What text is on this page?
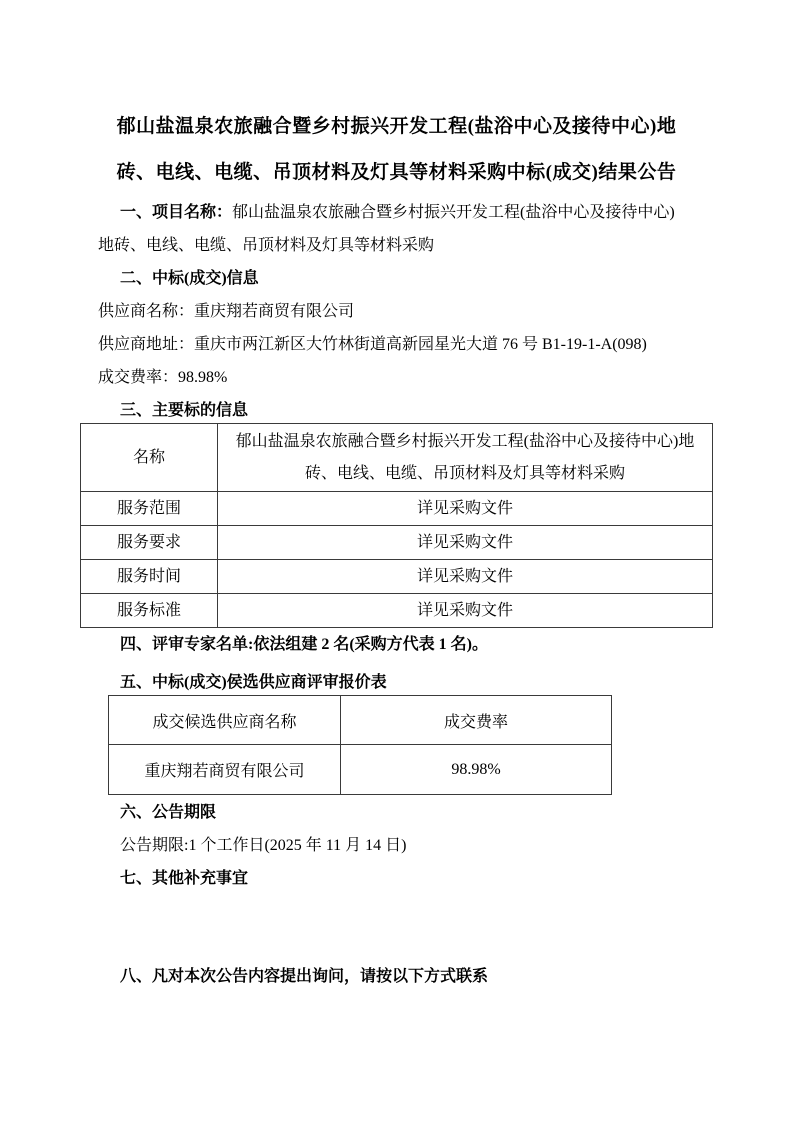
郁山盐温泉农旅融合暨乡村振兴开发工程(盐浴中心及接待中心)地
砖、电线、电缆、吊顶材料及灯具等材料采购中标(成交)结果公告

一、项目名称：郁山盐温泉农旅融合暨乡村振兴开发工程(盐浴中心及接待中心)

地砖、电线、电缆、吊顶材料及灯具等材料采购

二、中标(成交)信息

供应商名称：重庆翔若商贸有限公司

供应商地址：重庆市两江新区大竹林街道高新园星光大道 76 号 B1-19-1-A(098)

成交费率：98.98%

三、主要标的信息

名称	郁山盐温泉农旅融合暨乡村振兴开发工程(盐浴中心及接待中心)地砖、电线、电缆、吊顶材料及灯具等材料采购
服务范围	详见采购文件
服务要求	详见采购文件
服务时间	详见采购文件
服务标准	详见采购文件

四、评审专家名单:依法组建 2 名(采购方代表 1 名)。

五、中标(成交)侯选供应商评审报价表

成交候选供应商名称	成交费率
重庆翔若商贸有限公司	98.98%

六、公告期限

公告期限:1 个工作日(2025 年 11 月 14 日)

七、其他补充事宜

八、凡对本次公告内容提出询问，请按以下方式联系
